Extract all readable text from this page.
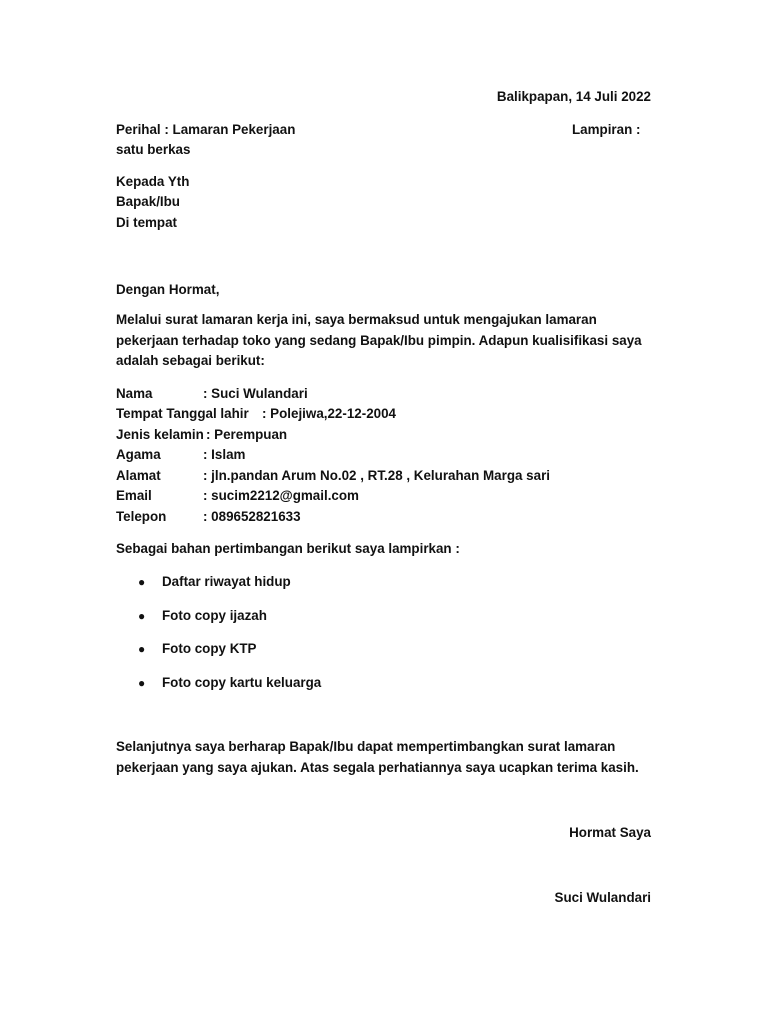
Balikpapan, 14 Juli 2022
Perihal : Lamaran Pekerjaan	Lampiran :
satu berkas
Kepada Yth
Bapak/Ibu
Di tempat
Dengan Hormat,
Melalui surat lamaran kerja ini, saya bermaksud untuk mengajukan lamaran
pekerjaan terhadap toko yang sedang Bapak/Ibu pimpin. Adapun kualisifikasi saya
adalah sebagai berikut:
Nama	: Suci Wulandari
Tempat Tanggal lahir : Polejiwa,22-12-2004
Jenis kelamin : Perempuan
Agama	: Islam
Alamat	: jln.pandan Arum No.02 , RT.28 , Kelurahan Marga sari
Email	: sucim2212@gmail.com
Telepon	: 089652821633
Sebagai bahan pertimbangan berikut saya lampirkan :
● Daftar riwayat hidup
● Foto copy ijazah
● Foto copy KTP
● Foto copy kartu keluarga
Selanjutnya saya berharap Bapak/Ibu dapat mempertimbangkan surat lamaran
pekerjaan yang saya ajukan. Atas segala perhatiannya saya ucapkan terima kasih.
Hormat Saya
Suci Wulandari
